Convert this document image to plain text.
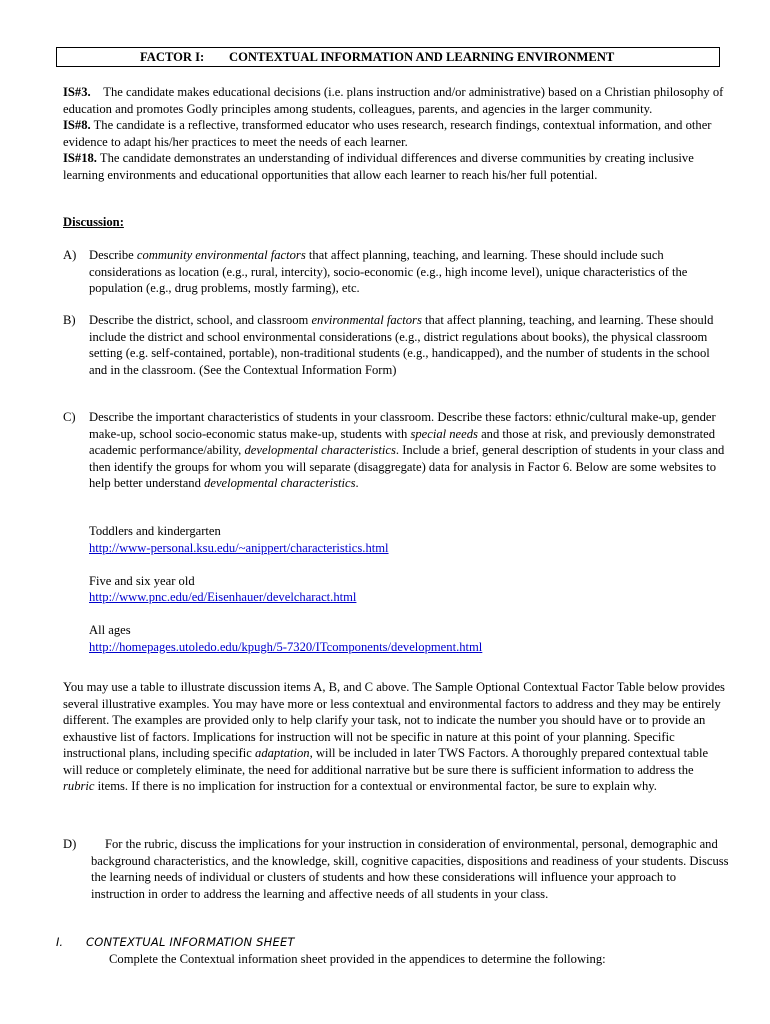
FACTOR I: CONTEXTUAL INFORMATION AND LEARNING ENVIRONMENT

IS#3. The candidate makes educational decisions (i.e. plans instruction and/or administrative) based on a Christian philosophy of education and promotes Godly principles among students, colleagues, parents, and agencies in the larger community.

IS#8. The candidate is a reflective, transformed educator who uses research, research findings, contextual information, and other evidence to adapt his/her practices to meet the needs of each learner.

IS#18. The candidate demonstrates an understanding of individual differences and diverse communities by creating inclusive learning environments and educational opportunities that allow each learner to reach his/her full potential.

Discussion:
A) Describe community environmental factors that affect planning, teaching, and learning. These should include such considerations as location (e.g., rural, intercity), socio-economic (e.g., high income level), unique characteristics of the population (e.g., drug problems, mostly farming), etc.

B) Describe the district, school, and classroom environmental factors that affect planning, teaching, and learning. These should include the district and school environmental considerations (e.g., district regulations about books), the physical classroom setting (e.g. self-contained, portable), non-traditional students (e.g., handicapped), and the number of students in the school and in the classroom. (See the Contextual Information Form)

C) Describe the important characteristics of students in your classroom. Describe these factors: ethnic/cultural make-up, gender make-up, school socio-economic status make-up, students with special needs and those at risk, and previously demonstrated academic performance/ability, developmental characteristics. Include a brief, general description of students in your class and then identify the groups for whom you will separate (disaggregate) data for analysis in Factor 6. Below are some websites to help better understand developmental characteristics.

Toddlers and kindergarten
http://www-personal.ksu.edu/~anippert/characteristics.html
Five and six year old
http://www.pnc.edu/ed/Eisenhauer/develcharact.html
All ages
http://homepages.utoledo.edu/kpugh/5-7320/ITcomponents/development.html

You may use a table to illustrate discussion items A, B, and C above. The Sample Optional Contextual Factor Table below provides several illustrative examples. You may have more or less contextual and environmental factors to address and they may be entirely different. The examples are provided only to help clarify your task, not to indicate the number you should have or to provide an exhaustive list of factors. Implications for instruction will not be specific in nature at this point of your planning. Specific instructional plans, including specific adaptation, will be included in later TWS Factors. A thoroughly prepared contextual table will reduce or completely eliminate, the need for additional narrative but be sure there is sufficient information to address the rubric items. If there is no implication for instruction for a contextual or environmental factor, be sure to explain why.

D)	For the rubric, discuss the implications for your instruction in consideration of environmental, personal, demographic and background characteristics, and the knowledge, skill, cognitive capacities, dispositions and readiness of your students. Discuss the learning needs of individual or clusters of students and how these considerations will influence your approach to instruction in order to address the learning and affective needs of all students in your class.

I. CONTEXTUAL INFORMATION SHEET
Complete the Contextual information sheet provided in the appendices to determine the following:
